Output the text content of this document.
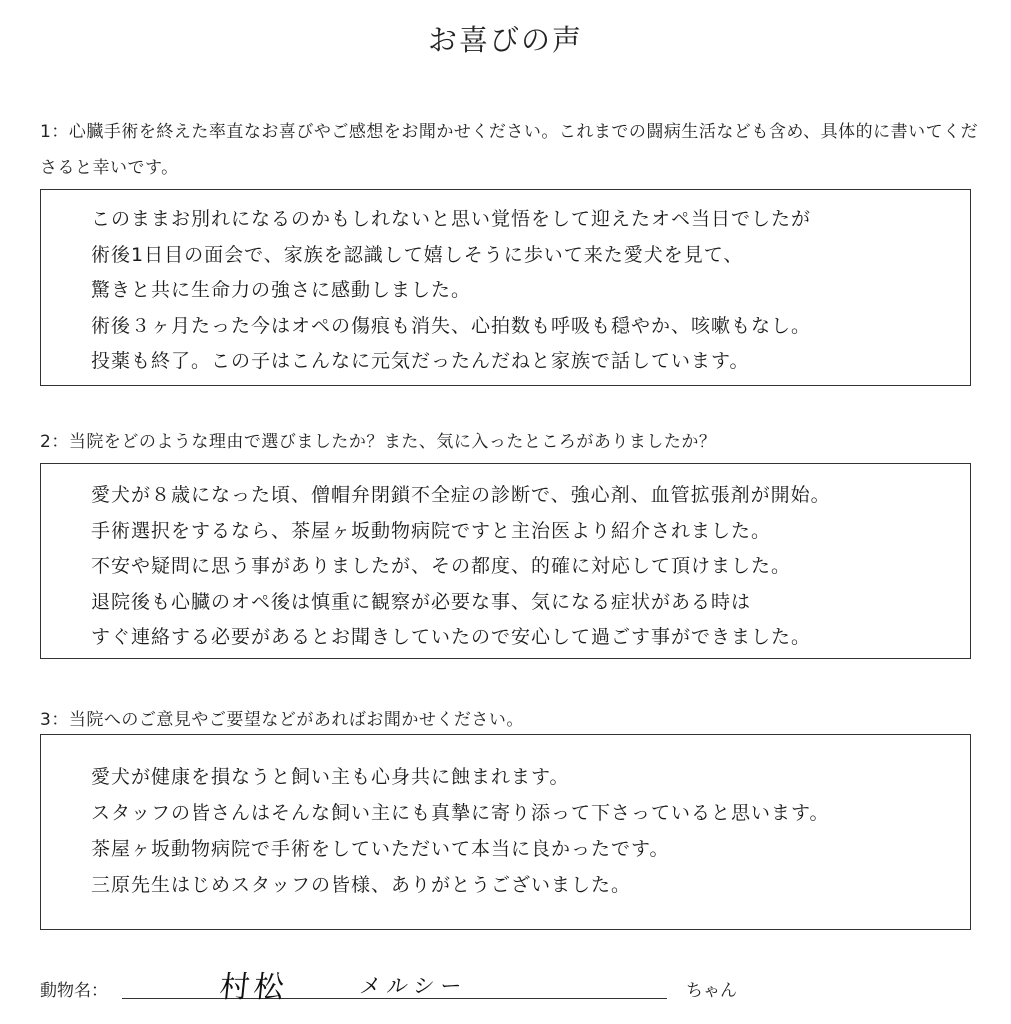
お喜びの声
1：心臓手術を終えた率直なお喜びやご感想をお聞かせください。これまでの闘病生活なども含め、具体的に書いてくださると幸いです。
このままお別れになるのかもしれないと思い覚悟をして迎えたオペ当日でしたが
術後1日目の面会で、家族を認識して嬉しそうに歩いて来た愛犬を見て、
驚きと共に生命力の強さに感動しました。
術後３ヶ月たった今はオペの傷痕も消失、心拍数も呼吸も穏やか、咳嗽もなし。
投薬も終了。この子はこんなに元気だったんだねと家族で話しています。
2：当院をどのような理由で選びましたか？また、気に入ったところがありましたか？
愛犬が８歳になった頃、僧帽弁閉鎖不全症の診断で、強心剤、血管拡張剤が開始。
手術選択をするなら、茶屋ヶ坂動物病院ですと主治医より紹介されました。
不安や疑問に思う事がありましたが、その都度、的確に対応して頂けました。
退院後も心臓のオペ後は慎重に観察が必要な事、気になる症状がある時は
すぐ連絡する必要があるとお聞きしていたので安心して過ごす事ができました。
3：当院へのご意見やご要望などがあればお聞かせください。
愛犬が健康を損なうと飼い主も心身共に蝕まれます。
スタッフの皆さんはそんな飼い主にも真摯に寄り添って下さっていると思います。
茶屋ヶ坂動物病院で手術をしていただいて本当に良かったです。
三原先生はじめスタッフの皆様、ありがとうございました。
動物名：	村松	メルシー	ちゃん
